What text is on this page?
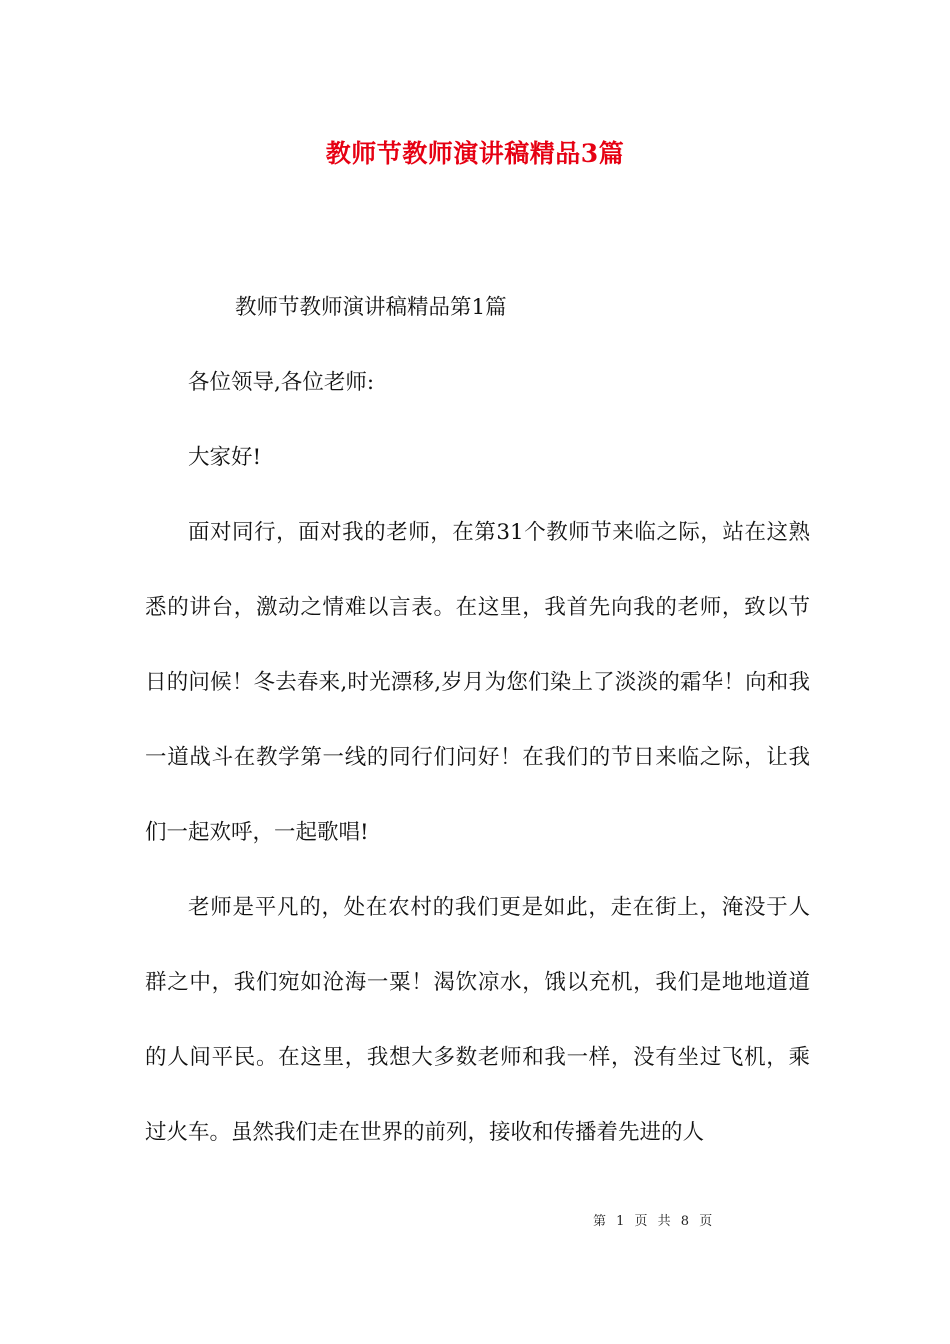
教师节教师演讲稿精品3篇

教师节教师演讲稿精品第1篇

各位领导,各位老师:

大家好!

面对同行，面对我的老师，在第31个教师节来临之际，站在这熟悉的讲台，激动之情难以言表。在这里，我首先向我的老师，致以节日的问候！冬去春来,时光漂移,岁月为您们染上了淡淡的霜华！向和我一道战斗在教学第一线的同行们问好！在我们的节日来临之际，让我们一起欢呼，一起歌唱!

老师是平凡的，处在农村的我们更是如此，走在街上，淹没于人群之中，我们宛如沧海一粟！渴饮凉水，饿以充机，我们是地地道道的人间平民。在这里，我想大多数老师和我一样，没有坐过飞机，乘过火车。虽然我们走在世界的前列，接收和传播着先进的人

第 1 页 共 8 页
